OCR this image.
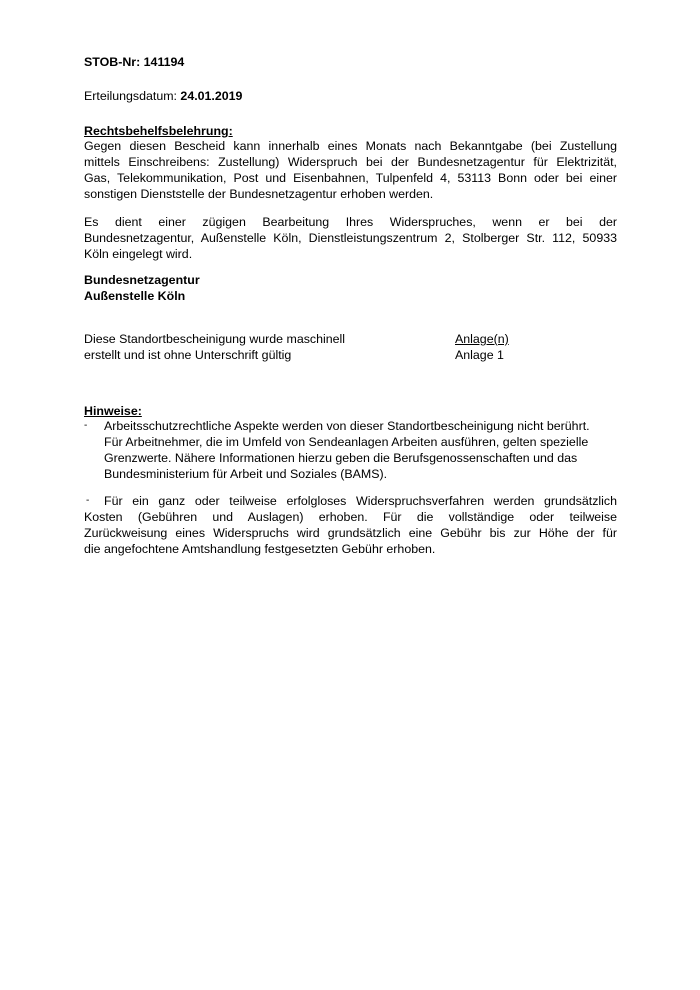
STOB-Nr: 141194
Erteilungsdatum: 24.01.2019
Rechtsbehelfsbelehrung:
Gegen diesen Bescheid kann innerhalb eines Monats nach Bekanntgabe (bei Zustellung
mittels Einschreibens: Zustellung) Widerspruch bei der Bundesnetzagentur für Elektrizität,
Gas, Telekommunikation, Post und Eisenbahnen, Tulpenfeld 4, 53113 Bonn oder bei einer
sonstigen Dienststelle der Bundesnetzagentur erhoben werden.
Es dient einer zügigen Bearbeitung Ihres Widerspruches, wenn er bei der
Bundesnetzagentur, Außenstelle Köln, Dienstleistungszentrum 2, Stolberger Str. 112, 50933
Köln eingelegt wird.
Bundesnetzagentur
Außenstelle Köln
Diese Standortbescheinigung wurde maschinell
erstellt und ist ohne Unterschrift gültig
Anlage(n)
Anlage 1
Hinweise:
- Arbeitsschutzrechtliche Aspekte werden von dieser Standortbescheinigung nicht berührt.
Für Arbeitnehmer, die im Umfeld von Sendeanlagen Arbeiten ausführen, gelten spezielle
Grenzwerte. Nähere Informationen hierzu geben die Berufsgenossenschaften und das
Bundesministerium für Arbeit und Soziales (BAMS).
-	Für ein ganz oder teilweise erfolgloses Widerspruchsverfahren werden grundsätzlich
Kosten (Gebühren und Auslagen) erhoben. Für die vollständige oder teilweise
Zurückweisung eines Widerspruchs wird grundsätzlich eine Gebühr bis zur Höhe der für
die angefochtene Amtshandlung festgesetzten Gebühr erhoben.
